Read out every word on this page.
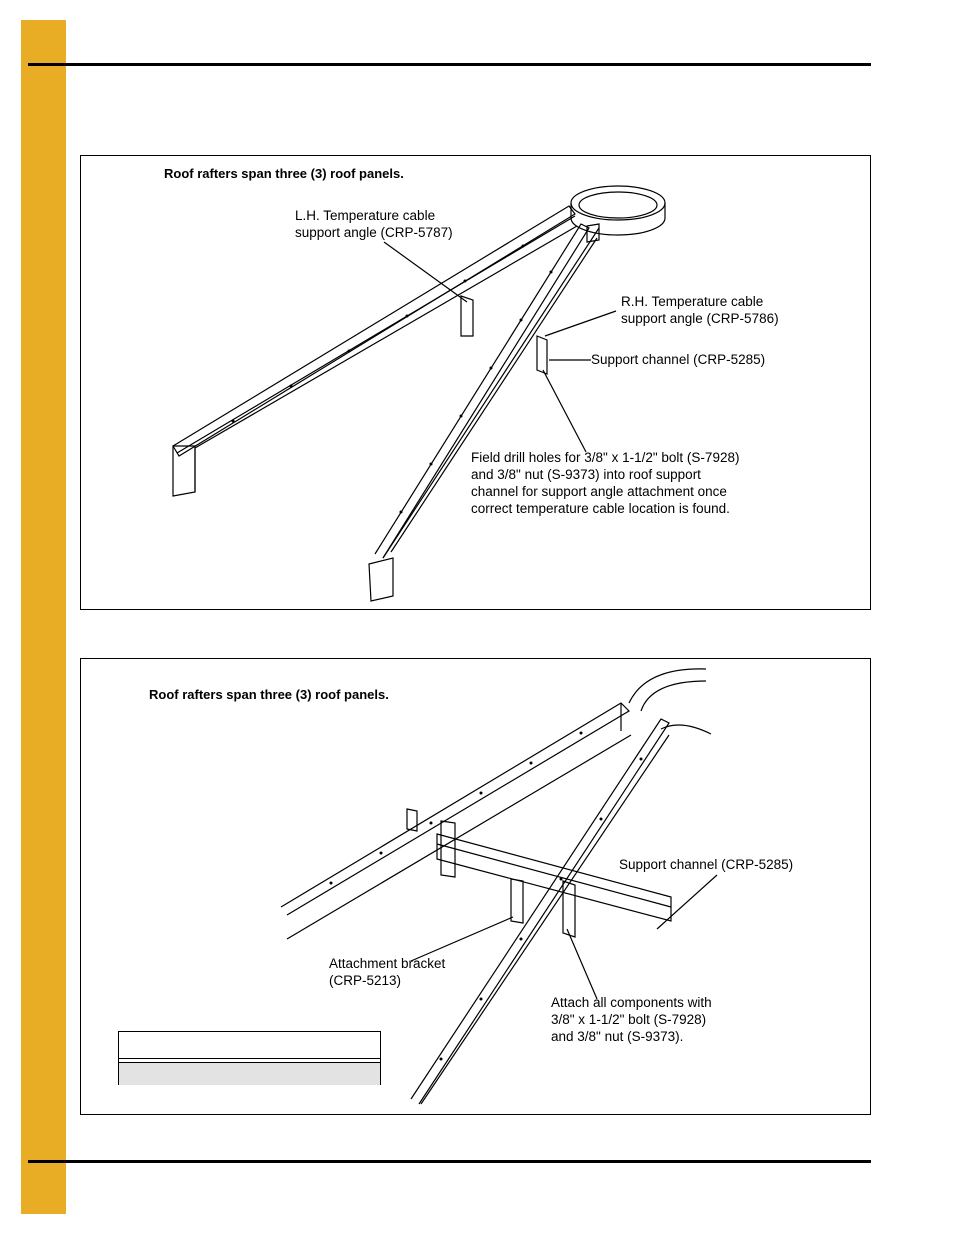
Roof rafters span three (3) roof panels.
L.H. Temperature cable
support angle (CRP-5787)
R.H. Temperature cable
support angle (CRP-5786)
Support channel (CRP-5285)
Field drill holes for 3/8" x 1-1/2" bolt (S-7928)
and 3/8" nut (S-9373) into roof support
channel for support angle attachment once
correct temperature cable location is found.
Roof rafters span three (3) roof panels.
Support channel (CRP-5285)
Attachment bracket
(CRP-5213)
Attach all components with
3/8" x 1-1/2" bolt (S-7928)
and 3/8" nut (S-9373).
